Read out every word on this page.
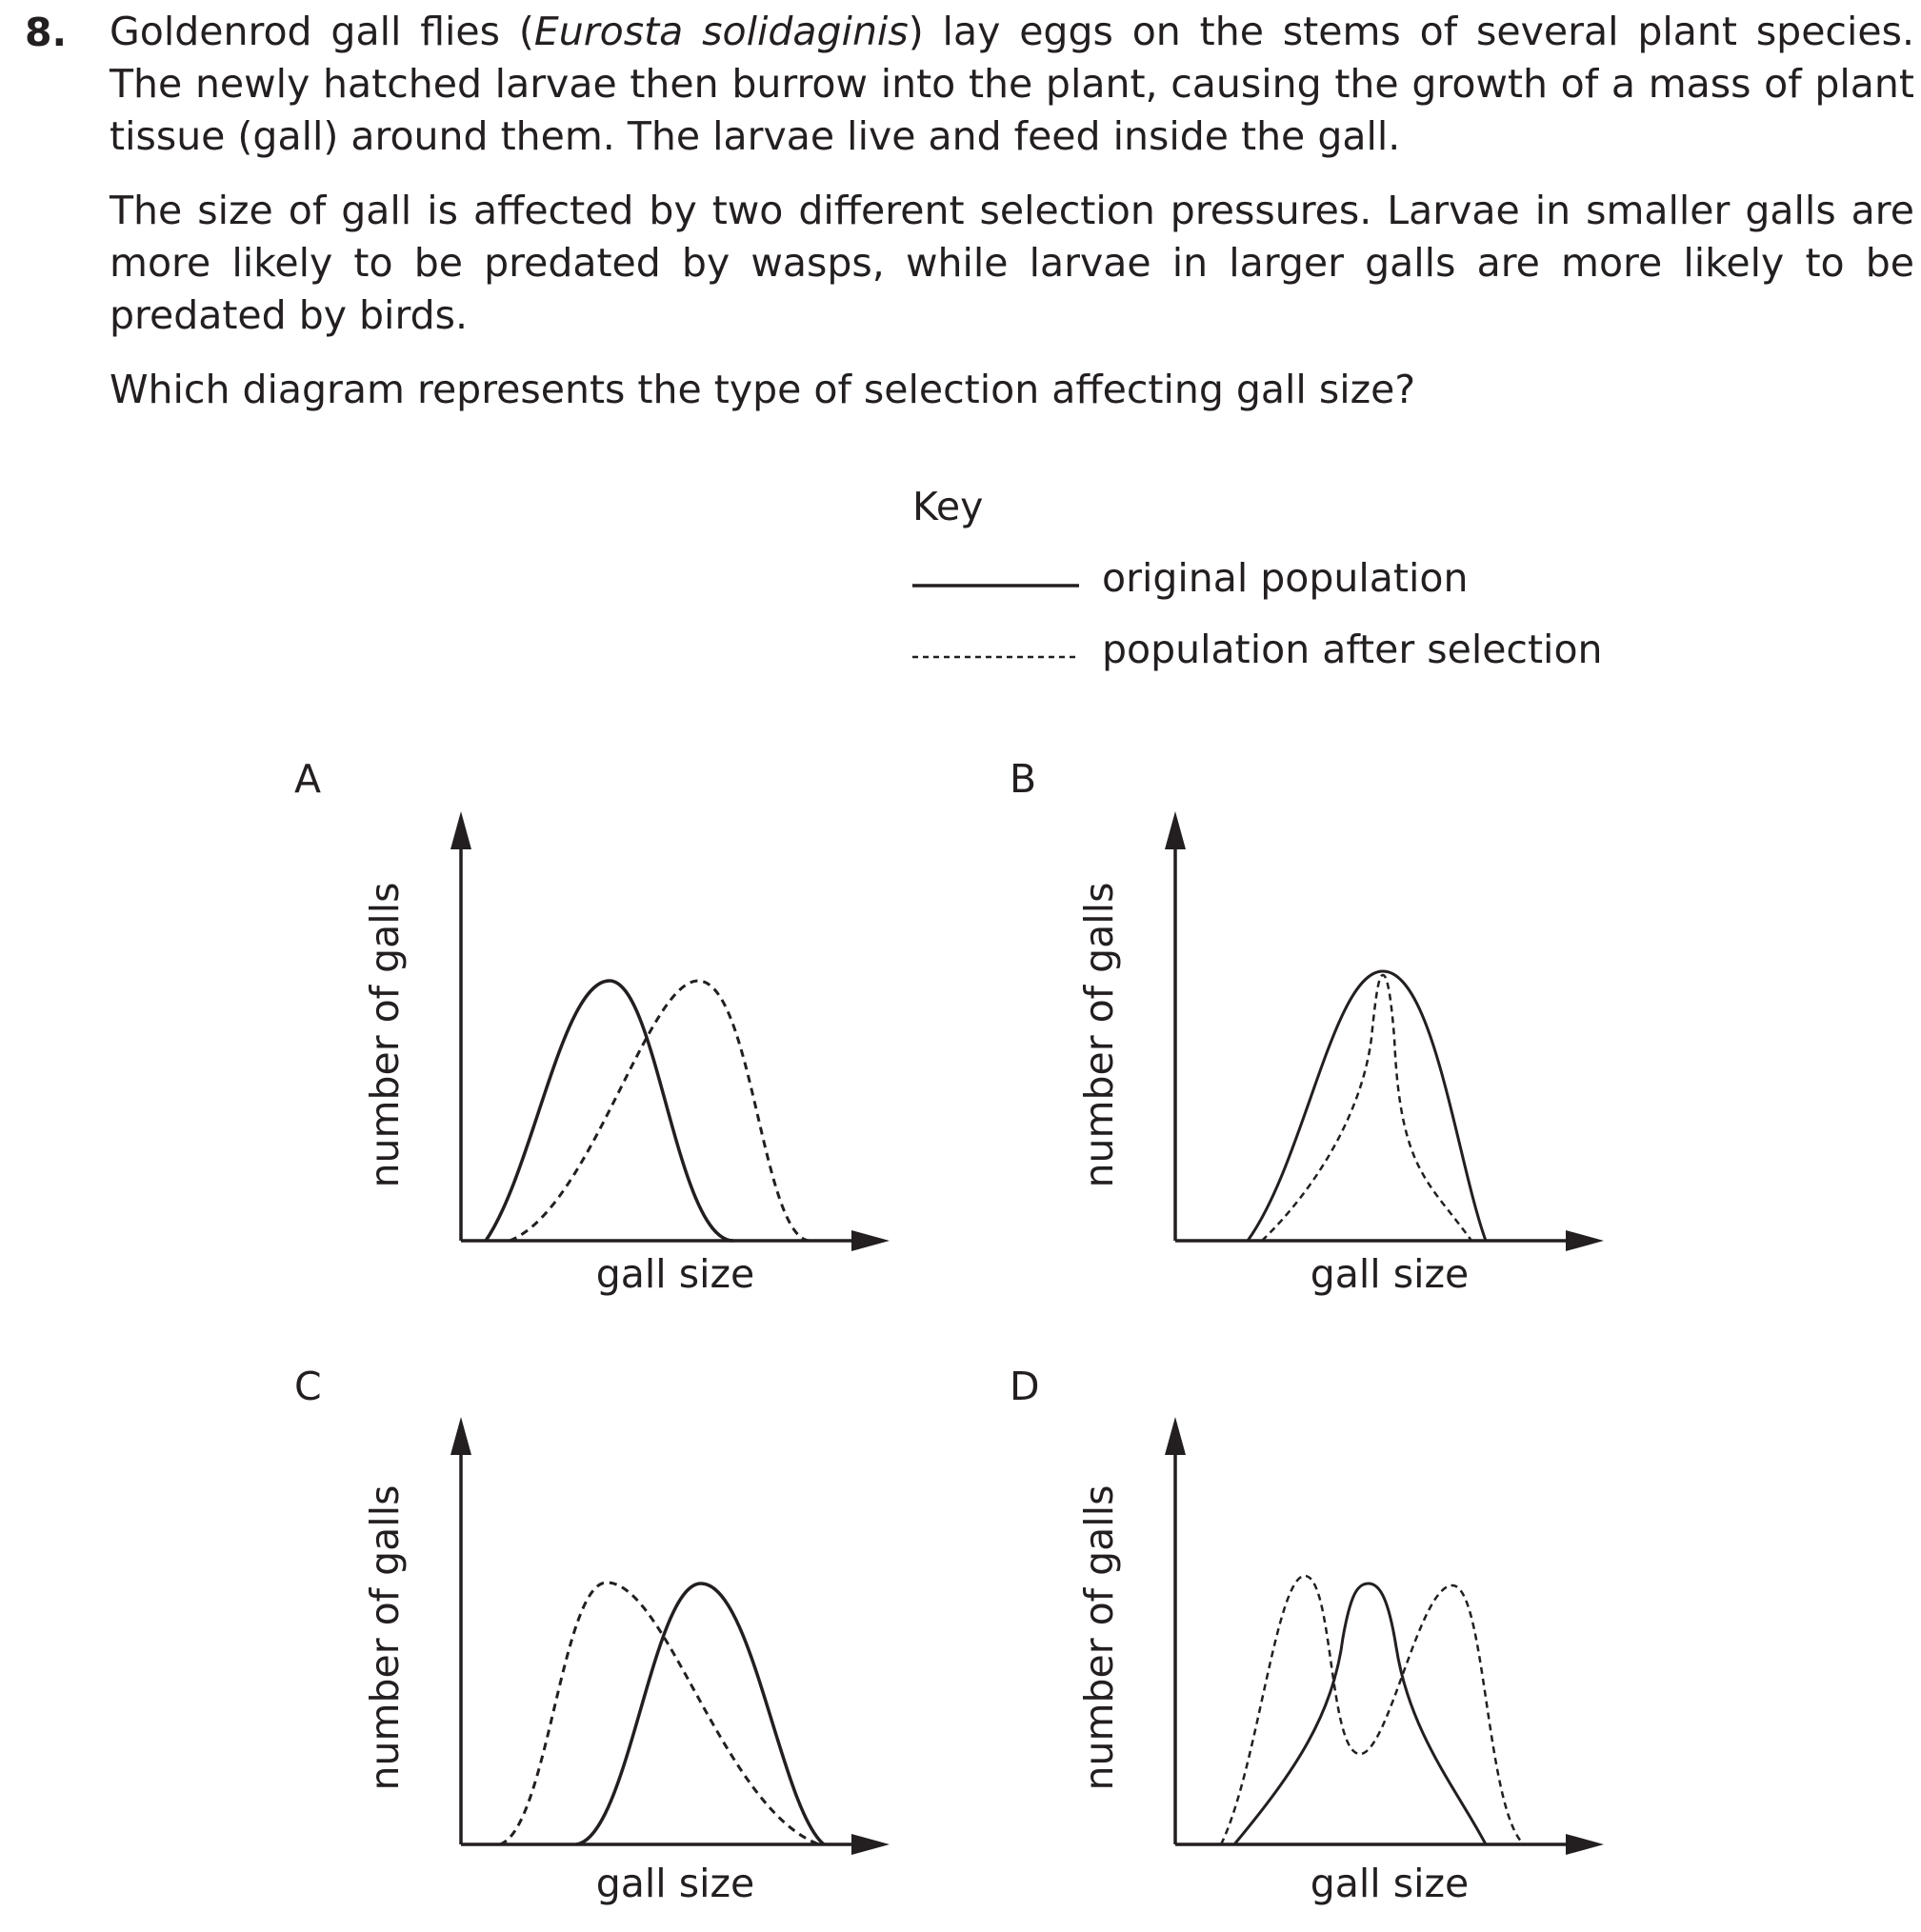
8. Goldenrod gall flies (Eurosta solidaginis) lay eggs on the stems of several plant species. The newly hatched larvae then burrow into the plant, causing the growth of a mass of plant tissue (gall) around them. The larvae live and feed inside the gall.

The size of gall is affected by two different selection pressures. Larvae in smaller galls are more likely to be predated by wasps, while larvae in larger galls are more likely to be predated by birds.

Which diagram represents the type of selection affecting gall size?

Key
original population
population after selection
A
gall size
number of galls
B
gall size
number of galls
C
gall size
number of galls
D
gall size
number of galls
